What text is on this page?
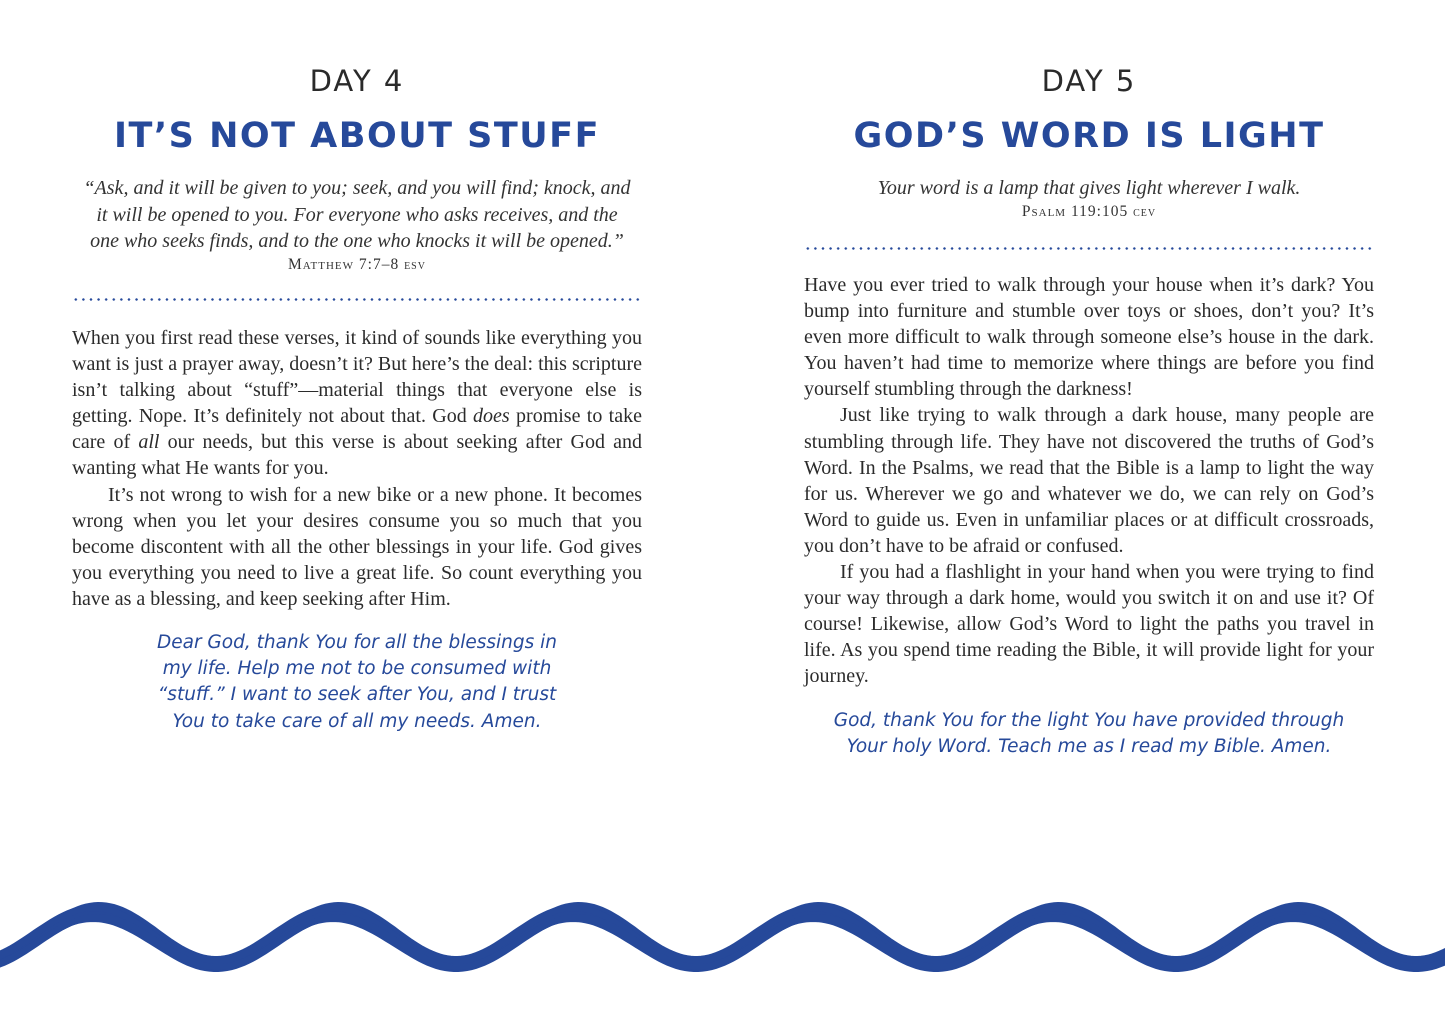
DAY 4
IT’S NOT ABOUT STUFF
“Ask, and it will be given to you; seek, and you will find; knock, and
it will be opened to you. For everyone who asks receives, and the
one who seeks finds, and to the one who knocks it will be opened.”
Matthew 7:7–8 esv

When you first read these verses, it kind of sounds like everything you want is just a prayer away, doesn’t it? But here’s the deal: this scripture isn’t talking about “stuff”—material things that everyone else is getting. Nope. It’s definitely not about that. God does promise to take care of all our needs, but this verse is about seeking after God and wanting what He wants for you.

It’s not wrong to wish for a new bike or a new phone. It becomes wrong when you let your desires consume you so much that you become discontent with all the other blessings in your life. God gives you everything you need to live a great life. So count everything you have as a blessing, and keep seeking after Him.

Dear God, thank You for all the blessings in
my life. Help me not to be consumed with
“stuff.” I want to seek after You, and I trust
You to take care of all my needs. Amen.
DAY 5
GOD’S WORD IS LIGHT
Your word is a lamp that gives light wherever I walk.
Psalm 119:105 cev

Have you ever tried to walk through your house when it’s dark? You bump into furniture and stumble over toys or shoes, don’t you? It’s even more difficult to walk through someone else’s house in the dark. You haven’t had time to memorize where things are before you find yourself stumbling through the darkness!

Just like trying to walk through a dark house, many people are stumbling through life. They have not discovered the truths of God’s Word. In the Psalms, we read that the Bible is a lamp to light the way for us. Wherever we go and whatever we do, we can rely on God’s Word to guide us. Even in unfamiliar places or at difficult crossroads, you don’t have to be afraid or confused.

If you had a flashlight in your hand when you were trying to find your way through a dark home, would you switch it on and use it? Of course! Likewise, allow God’s Word to light the paths you travel in life. As you spend time reading the Bible, it will provide light for your journey.

God, thank You for the light You have provided through
Your holy Word. Teach me as I read my Bible. Amen.
